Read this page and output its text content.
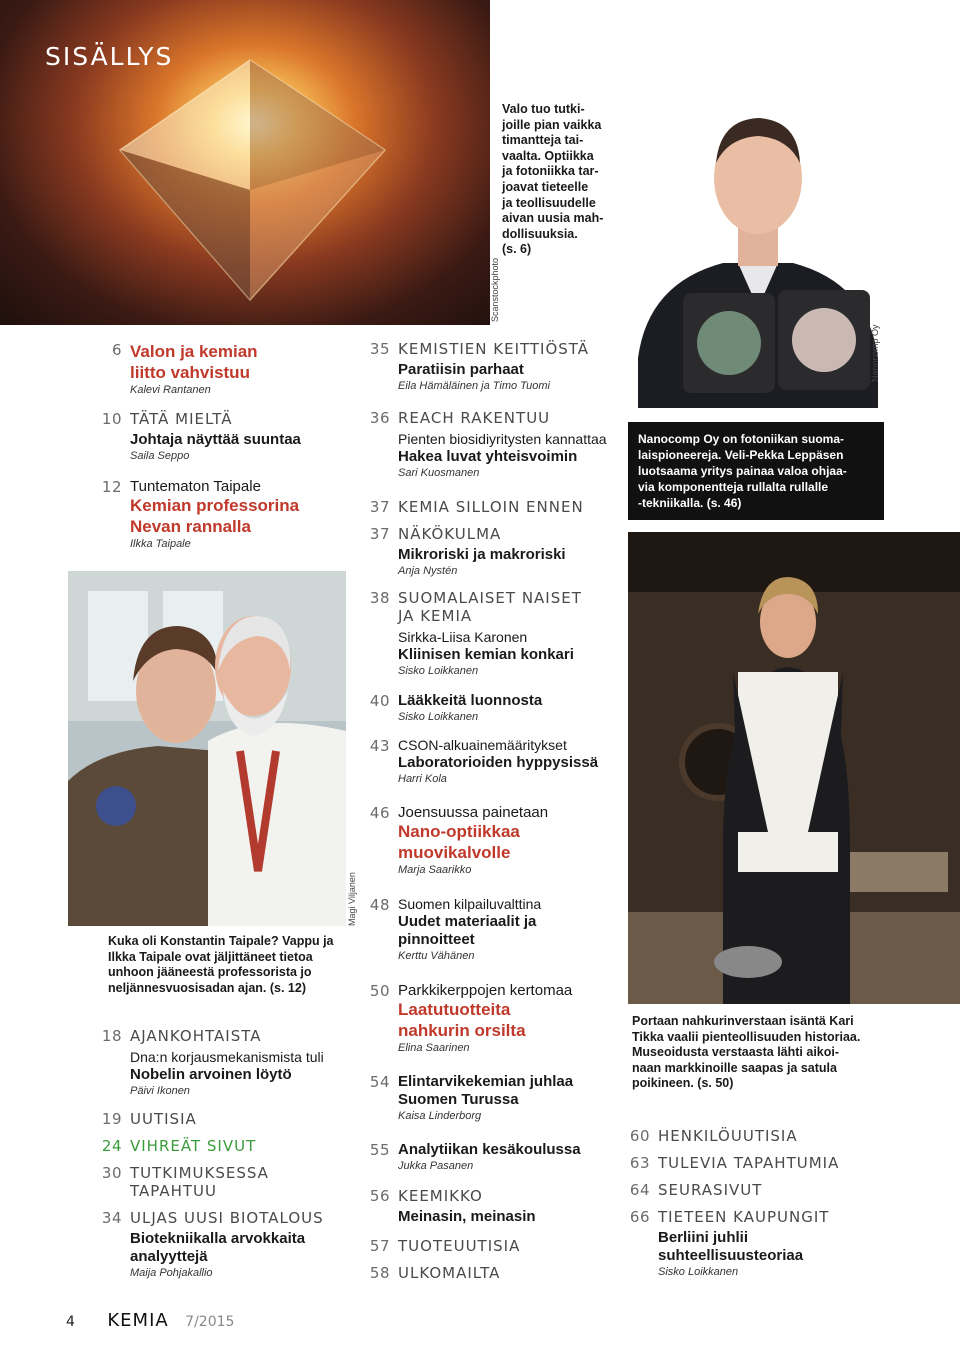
SISÄLLYS
Scanstockphoto
Valo tuo tutki-
joille pian vaikka
timantteja tai-
vaalta. Optiikka
ja fotoniikka tar-
joavat tieteelle
ja teollisuudelle
aivan uusia mah-
dollisuuksia.
(s. 6)
Nanocomp Oy
Nanocomp Oy on fotoniikan suoma-
laispioneereja. Veli-Pekka Leppäsen
luotsaama yritys painaa valoa ohjaa-
via komponentteja rullalta rullalle
-tekniikalla. (s. 46)
Magi Viljanen
Kuka oli Konstantin Taipale? Vappu ja
Ilkka Taipale ovat jäljittäneet tietoa
unhoon jääneestä professorista jo
neljännesvuosisadan ajan. (s. 12)
Portaan nahkurinverstaan isäntä Kari
Tikka vaalii pienteollisuuden historiaa.
Museoidusta verstaasta lähti aikoi-
naan markkinoille saapas ja satula
poikineen. (s. 50)
6 Valon ja kemian
liitto vahvistuu
Kalevi Rantanen
10 TÄTÄ MIELTÄ
Johtaja näyttää suuntaa
Saila Seppo
12 Tuntematon Taipale
Kemian professorina
Nevan rannalla
Ilkka Taipale
18 AJANKOHTAISTA
Dna:n korjausmekanismista tuli
Nobelin arvoinen löytö
Päivi Ikonen
19 UUTISIA
24 VIHREÄT SIVUT
30 TUTKIMUKSESSA
TAPAHTUU
34 ULJAS UUSI BIOTALOUS
Biotekniikalla arvokkaita
analyyttejä
Maija Pohjakallio
35 KEMISTIEN KEITTIÖSTÄ
Paratiisin parhaat
Eila Hämäläinen ja Timo Tuomi
36 REACH RAKENTUU
Pienten biosidiyritysten kannattaa
Hakea luvat yhteisvoimin
Sari Kuosmanen
37 KEMIA SILLOIN ENNEN
37 NÄKÖKULMA
Mikroriski ja makroriski
Anja Nystén
38 SUOMALAISET NAISET
JA KEMIA
Sirkka-Liisa Karonen
Kliinisen kemian konkari
Sisko Loikkanen
40 Lääkkeitä luonnosta
Sisko Loikkanen
43 CSON-alkuainemääritykset
Laboratorioiden hyppysissä
Harri Kola
46 Joensuussa painetaan
Nano-optiikkaa
muovikalvolle
Marja Saarikko
48 Suomen kilpailuvalttina
Uudet materiaalit ja
pinnoitteet
Kerttu Vähänen
50 Parkkikerppojen kertomaa
Laatutuotteita
nahkurin orsilta
Elina Saarinen
54 Elintarvikekemian juhlaa
Suomen Turussa
Kaisa Linderborg
55 Analytiikan kesäkoulussa
Jukka Pasanen
56 KEEMIKKO
Meinasin, meinasin
57 TUOTEUUTISIA
58 ULKOMAILTA
60 HENKILÖUUTISIA
63 TULEVIA TAPAHTUMIA
64 SEURASIVUT
66 TIETEEN KAUPUNGIT
Berliini juhlii
suhteellisuusteoriaa
Sisko Loikkanen
4 KEMIA 7/2015
